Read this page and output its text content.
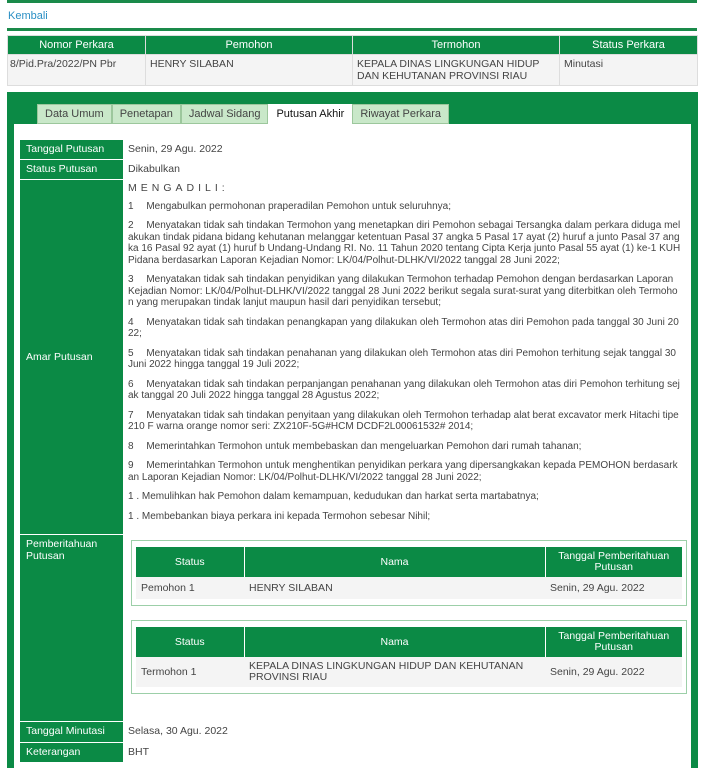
Kembali
Nomor Perkara	Pemohon	Termohon	Status Perkara
8/Pid.Pra/2022/PN Pbr	HENRY SILABAN	KEPALA DINAS LINGKUNGAN HIDUP DAN KEHUTANAN PROVINSI RIAU	Minutasi
Data Umum	Penetapan	Jadwal Sidang	Putusan Akhir	Riwayat Perkara
Tanggal Putusan	Senin, 29 Agu. 2022
Status Putusan	Dikabulkan
Amar Putusan

MENGADILI:

1  Mengabulkan permohonan praperadilan Pemohon untuk seluruhnya;

2  Menyatakan tidak sah tindakan Termohon yang menetapkan diri Pemohon sebagai Tersangka dalam perkara diduga melakukan tindak pidana bidang kehutanan melanggar ketentuan Pasal 37 angka 5 Pasal 17 ayat (2) huruf a junto Pasal 37 angka 16 Pasal 92 ayat (1) huruf b Undang-Undang RI. No. 11 Tahun 2020 tentang Cipta Kerja junto Pasal 55 ayat (1) ke-1 KUHPidana berdasarkan Laporan Kejadian Nomor: LK/04/Polhut-DLHK/VI/2022 tanggal 28 Juni 2022;

3  Menyatakan tidak sah tindakan penyidikan yang dilakukan Termohon terhadap Pemohon dengan berdasarkan Laporan Kejadian Nomor: LK/04/Polhut-DLHK/VI/2022 tanggal 28 Juni 2022 berikut segala surat-surat yang diterbitkan oleh Termohon yang merupakan tindak lanjut maupun hasil dari penyidikan tersebut;

4  Menyatakan tidak sah tindakan penangkapan yang dilakukan oleh Termohon atas diri Pemohon pada tanggal 30 Juni 2022;

5  Menyatakan tidak sah tindakan penahanan yang dilakukan oleh Termohon atas diri Pemohon terhitung sejak tanggal 30 Juni 2022 hingga tanggal 19 Juli 2022;

6  Menyatakan tidak sah tindakan perpanjangan penahanan yang dilakukan oleh Termohon atas diri Pemohon terhitung sejak tanggal 20 Juli 2022 hingga tanggal 28 Agustus 2022;

7  Menyatakan tidak sah tindakan penyitaan yang dilakukan oleh Termohon terhadap alat berat excavator merk Hitachi tipe 210 F warna orange nomor seri: ZX210F-5G#HCM DCDF2L00061532# 2014;

8  Memerintahkan Termohon untuk membebaskan dan mengeluarkan Pemohon dari rumah tahanan;

9  Memerintahkan Termohon untuk menghentikan penyidikan perkara yang dipersangkakan kepada PEMOHON berdasarkan Laporan Kejadian Nomor: LK/04/Polhut-DLHK/VI/2022 tanggal 28 Juni 2022;

1 . Memulihkan hak Pemohon dalam kemampuan, kedudukan dan harkat serta martabatnya;

1 . Membebankan biaya perkara ini kepada Termohon sebesar Nihil;

Pemberitahuan Putusan	Status	Nama	Tanggal Pemberitahuan Putusan
Pemohon 1	HENRY SILABAN	Senin, 29 Agu. 2022
Status	Nama	Tanggal Pemberitahuan Putusan
Termohon 1	KEPALA DINAS LINGKUNGAN HIDUP DAN KEHUTANAN PROVINSI RIAU	Senin, 29 Agu. 2022
Tanggal Minutasi	Selasa, 30 Agu. 2022
Keterangan	BHT
